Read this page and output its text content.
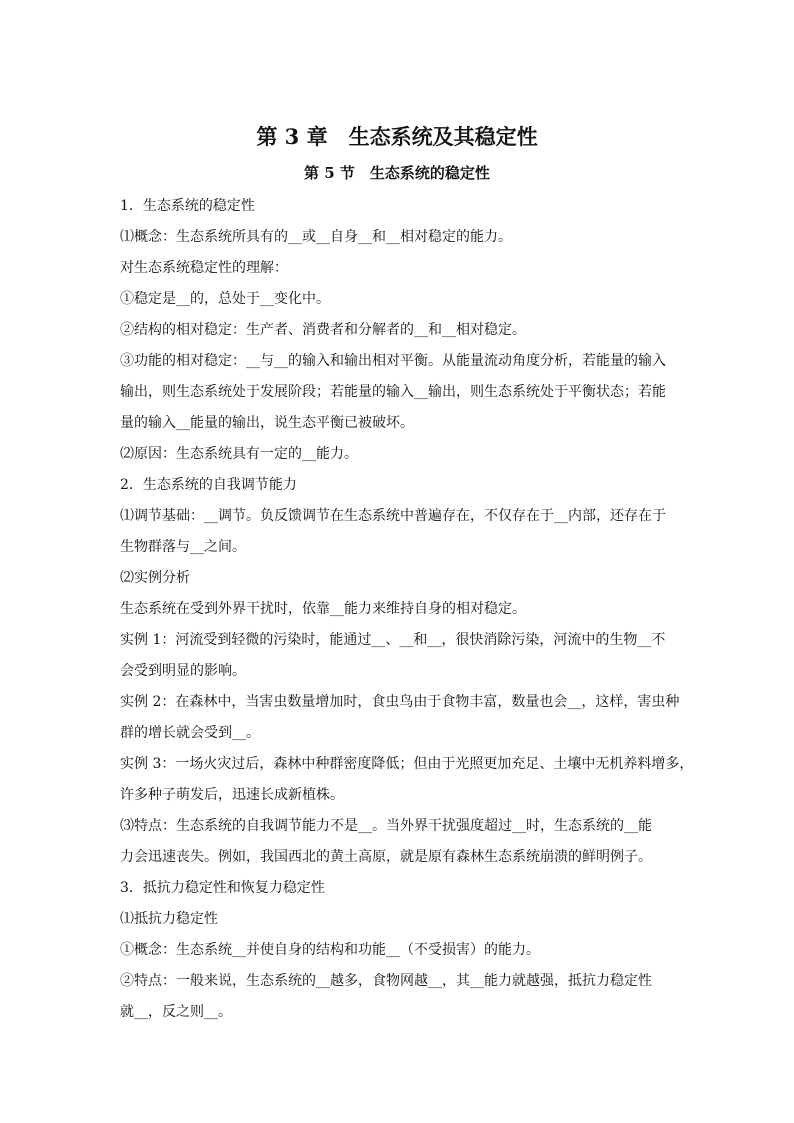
第 3 章　生态系统及其稳定性
第 5 节　生态系统的稳定性
1．生态系统的稳定性
⑴概念：生态系统所具有的__或__自身__和__相对稳定的能力。
对生态系统稳定性的理解：
①稳定是__的，总处于__变化中。
②结构的相对稳定：生产者、消费者和分解者的__和__相对稳定。
③功能的相对稳定：__与__的输入和输出相对平衡。从能量流动角度分析，若能量的输入
输出，则生态系统处于发展阶段；若能量的输入__输出，则生态系统处于平衡状态；若能
量的输入__能量的输出，说生态平衡已被破坏。
⑵原因：生态系统具有一定的__能力。
2．生态系统的自我调节能力
⑴调节基础：__调节。负反馈调节在生态系统中普遍存在，不仅存在于__内部，还存在于
生物群落与__之间。
⑵实例分析
生态系统在受到外界干扰时，依靠__能力来维持自身的相对稳定。
实例 1：河流受到轻微的污染时，能通过__、__和__，很快消除污染，河流中的生物__不
会受到明显的影响。
实例 2：在森林中，当害虫数量增加时，食虫鸟由于食物丰富，数量也会__，这样，害虫种
群的增长就会受到__。
实例 3：一场火灾过后，森林中种群密度降低；但由于光照更加充足、土壤中无机养料增多，
许多种子萌发后，迅速长成新植株。
⑶特点：生态系统的自我调节能力不是__。当外界干扰强度超过__时，生态系统的__能
力会迅速丧失。例如，我国西北的黄土高原，就是原有森林生态系统崩溃的鲜明例子。
3．抵抗力稳定性和恢复力稳定性
⑴抵抗力稳定性
①概念：生态系统__并使自身的结构和功能__（不受损害）的能力。
②特点：一般来说，生态系统的__越多，食物网越__，其__能力就越强，抵抗力稳定性
就__，反之则__。
